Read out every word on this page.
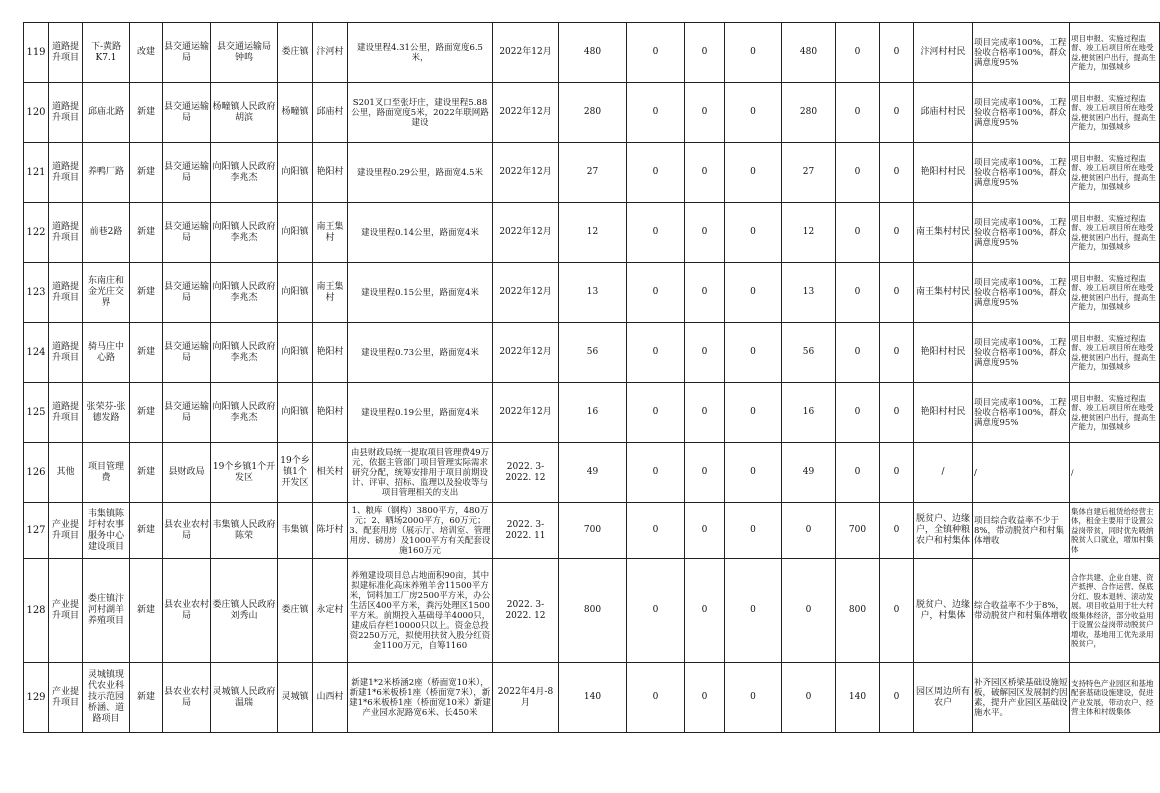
119	道路提升项目	下-黄路K7.1	改建	县交通运输局	县交通运输局 钟鸣	娄庄镇	汴河村	建设里程4.31公里，路面宽度6.5米，	2022年12月	480	0	0	0	480	0	0	汴河村村民	项目完成率100%，工程验收合格率100%，群众满意度95%	项目申报、实施过程监督、竣工后项目所在地受益,便贫困户出行，提高生产能力，加强城乡

120	道路提升项目	邱庙北路	新建	县交通运输局	杨疃镇人民政府 胡滨	杨疃镇	邱庙村	S201叉口至张圩庄，建设里程5.88公里，路面宽度5米，2022年联网路建设	2022年12月	280	0	0	0	280	0	0	邱庙村村民	项目完成率100%，工程验收合格率100%，群众满意度95%	项目申报、实施过程监督、竣工后项目所在地受益,便贫困户出行，提高生产能力，加强城乡

121	道路提升项目	养鸭厂路	新建	县交通运输局	向阳镇人民政府李兆杰	向阳镇	艳阳村	建设里程0.29公里，路面宽4.5米	2022年12月	27	0	0	0	27	0	0	艳阳村村民	项目完成率100%，工程验收合格率100%，群众满意度95%	项目申报、实施过程监督、竣工后项目所在地受益,便贫困户出行，提高生产能力，加强城乡

122	道路提升项目	前巷2路	新建	县交通运输局	向阳镇人民政府李兆杰	向阳镇	南王集村	建设里程0.14公里，路面宽4米	2022年12月	12	0	0	0	12	0	0	南王集村村民	项目完成率100%，工程验收合格率100%，群众满意度95%	项目申报、实施过程监督、竣工后项目所在地受益,便贫困户出行，提高生产能力，加强城乡

123	道路提升项目	东南庄和金光庄交界	新建	县交通运输局	向阳镇人民政府李兆杰	向阳镇	南王集村	建设里程0.15公里，路面宽4米	2022年12月	13	0	0	0	13	0	0	南王集村村民	项目完成率100%，工程验收合格率100%，群众满意度95%	项目申报、实施过程监督、竣工后项目所在地受益,便贫困户出行，提高生产能力，加强城乡

124	道路提升项目	骑马庄中心路	新建	县交通运输局	向阳镇人民政府李兆杰	向阳镇	艳阳村	建设里程0.73公里，路面宽4米	2022年12月	56	0	0	0	56	0	0	艳阳村村民	项目完成率100%，工程验收合格率100%，群众满意度95%	项目申报、实施过程监督、竣工后项目所在地受益,便贫困户出行，提高生产能力，加强城乡

125	道路提升项目	张荣芬-张德发路	新建	县交通运输局	向阳镇人民政府李兆杰	向阳镇	艳阳村	建设里程0.19公里，路面宽4米	2022年12月	16	0	0	0	16	0	0	艳阳村村民	项目完成率100%，工程验收合格率100%，群众满意度95%	项目申报、实施过程监督、竣工后项目所在地受益,便贫困户出行，提高生产能力，加强城乡

126	其他	项目管理费	新建	县财政局	19个乡镇1个开发区	19个乡镇1个开发区	相关村	由县财政局统一提取项目管理费49万元，依据主管部门项目管理实际需求研究分配，统筹安排用于项目前期设计、评审、招标、监理以及验收等与项目管理相关的支出	2022. 3-2022. 12	49	0	0	0	49	0	0	/	/	/

127	产业提升项目	韦集镇陈圩村农事服务中心建设项目	新建	县农业农村局	韦集镇人民政府陈荣	韦集镇	陈圩村	1、粮库（钢构）3800平方，480万元；2、晒场2000平方，60万元；3、配套用房（展示厅、培训室、管理用房、磅房）及1000平方有关配套设施160万元	2022. 3-2022. 11	700	0	0	0	0	700	0	脱贫户、边缘户，全镇种粮农户和村集体	项目综合收益率不少于8%，带动脱贫户和村集体增收	集体自建后租赁给经营主体，租金主要用于设置公益岗带贫，同时优先吸纳脱贫人口就业，增加村集体

128	产业提升项目	娄庄镇汴河村湖羊养殖项目	新建	县农业农村局	娄庄镇人民政府刘秀山	娄庄镇	永定村	养殖建设项目总占地面积90亩，其中拟建标准化高床养殖羊舍11500平方米，饲料加工厂房2500平方米，办公生活区400平方米，粪污处理区1500平方米。前期投入基础母羊4000只，建成后存栏10000只以上。资金总投资2250万元，拟使用扶贫入股分红资金1100万元，自筹1160	2022. 3-2022. 12	800	0	0	0	0	800	0	脱贫户、边缘户，村集体	综合收益率不少于8%，带动脱贫户和村集体增收	合作共建、企业自建、资产抵押、合作运营、保底分红、股本退转、滚动发展。项目收益用于壮大村级集体经济，部分收益用于设置公益岗带动脱贫户增收，基地用工优先录用脱贫户，

129	产业提升项目	灵城镇现代农业科技示范园桥涵、道路项目	新建	县农业农村局	灵城镇人民政府 温瑞	灵城镇	山西村	新建1*2米桥涵2座（桥面宽10米），新建1*6米板桥1座（桥面宽7米），新建1*6米板桥1座（桥面宽10米）新建产业园水泥路宽6米、长450米	2022年4月-8月	140	0	0	0	0	140	0	园区周边所有农户	补齐园区桥梁基础设施短板，破解园区发展制约因素，提升产业园区基础设施水平。	支持特色产业园区和基地配套基础设施建设，促进产业发展，带动农户、经营主体和村级集体
